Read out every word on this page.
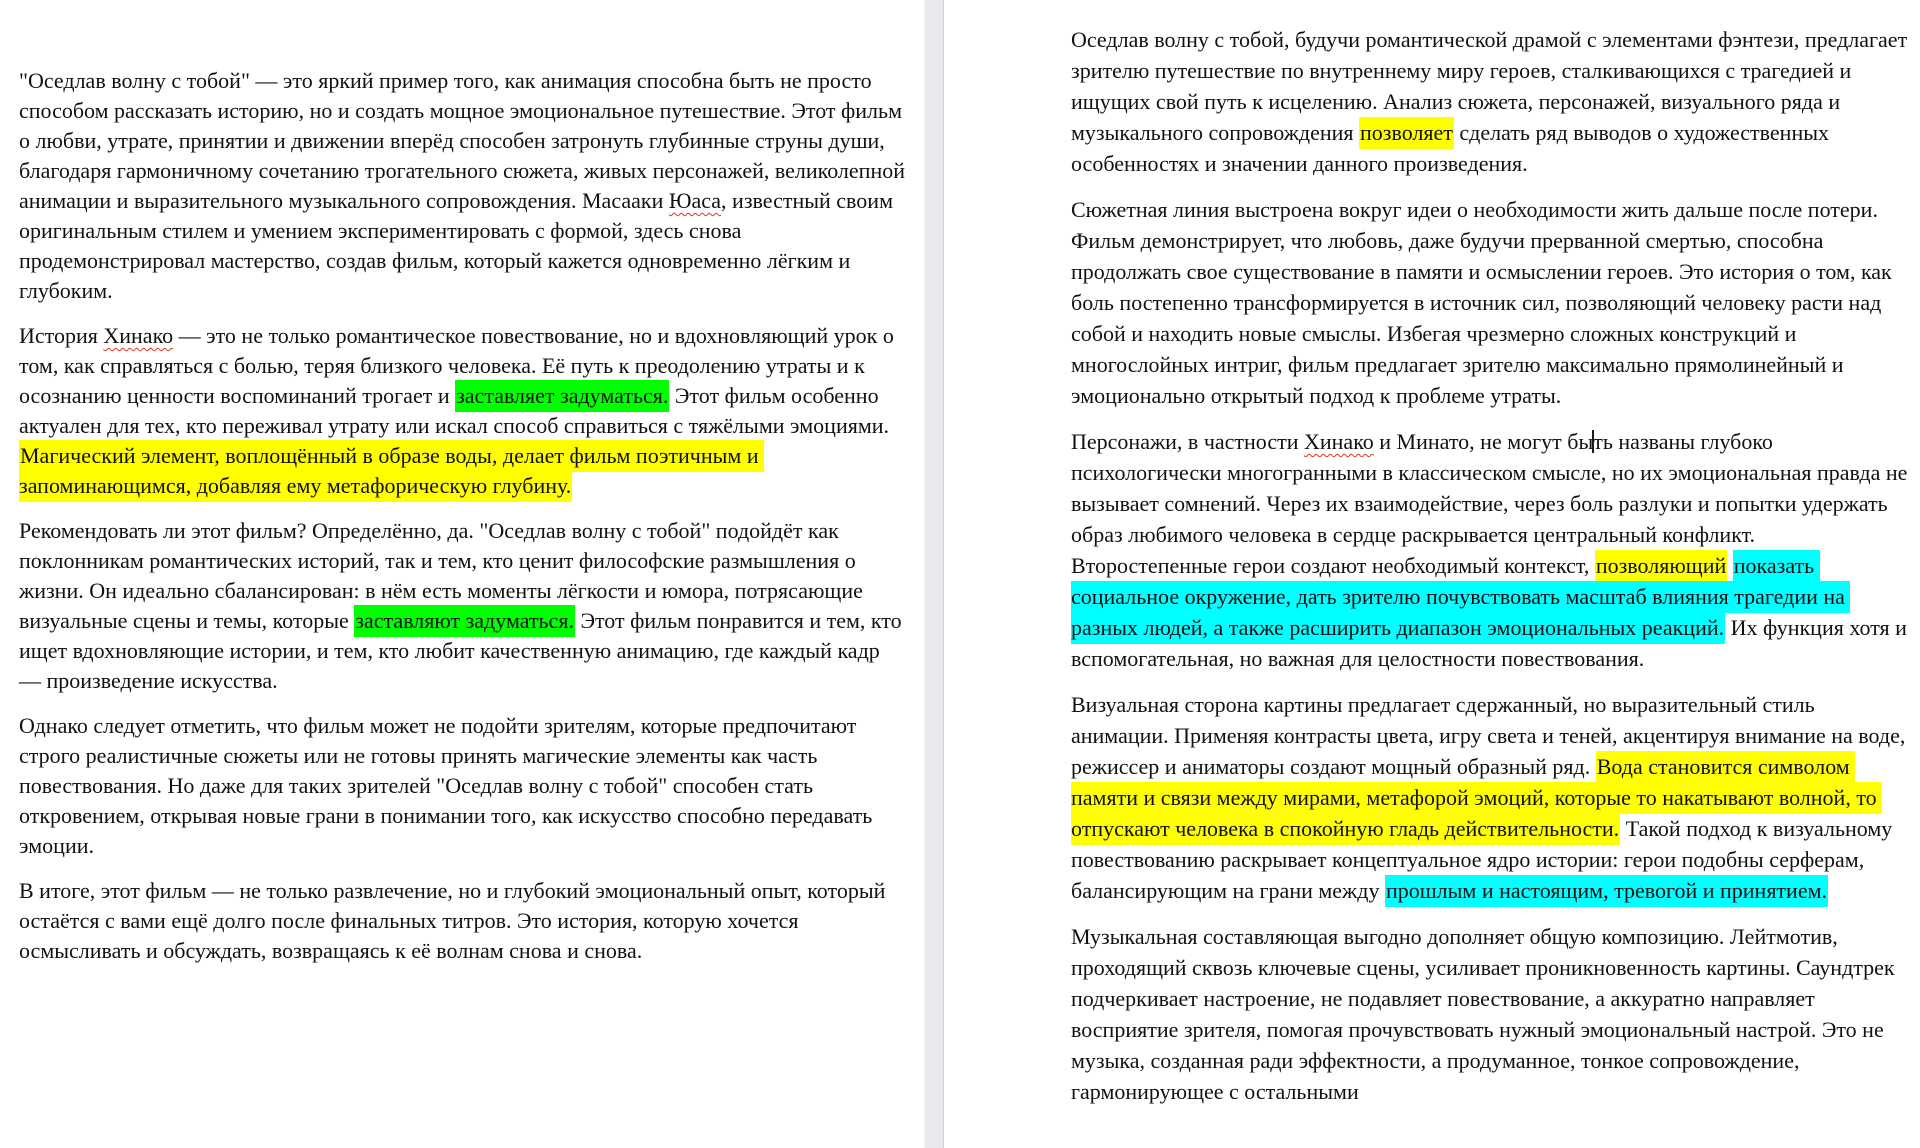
"Оседлав волну с тобой" — это яркий пример того, как анимация способна быть не просто способом рассказать историю, но и создать мощное эмоциональное путешествие. Этот фильм о любви, утрате, принятии и движении вперёд способен затронуть глубинные струны души, благодаря гармоничному сочетанию трогательного сюжета, живых персонажей, великолепной анимации и выразительного музыкального сопровождения. Масааки Юаса, известный своим оригинальным стилем и умением экспериментировать с формой, здесь снова продемонстрировал мастерство, создав фильм, который кажется одновременно лёгким и глубоким.

История Хинако — это не только романтическое повествование, но и вдохновляющий урок о том, как справляться с болью, теряя близкого человека. Её путь к преодолению утраты и к осознанию ценности воспоминаний трогает и заставляет задуматься. Этот фильм особенно актуален для тех, кто переживал утрату или искал способ справиться с тяжёлыми эмоциями. Магический элемент, воплощённый в образе воды, делает фильм поэтичным и запоминающимся, добавляя ему метафорическую глубину.

Рекомендовать ли этот фильм? Определённо, да. "Оседлав волну с тобой" подойдёт как поклонникам романтических историй, так и тем, кто ценит философские размышления о жизни. Он идеально сбалансирован: в нём есть моменты лёгкости и юмора, потрясающие визуальные сцены и темы, которые заставляют задуматься. Этот фильм понравится и тем, кто ищет вдохновляющие истории, и тем, кто любит качественную анимацию, где каждый кадр — произведение искусства.

Однако следует отметить, что фильм может не подойти зрителям, которые предпочитают строго реалистичные сюжеты или не готовы принять магические элементы как часть повествования. Но даже для таких зрителей "Оседлав волну с тобой" способен стать откровением, открывая новые грани в понимании того, как искусство способно передавать эмоции.

В итоге, этот фильм — не только развлечение, но и глубокий эмоциональный опыт, который остаётся с вами ещё долго после финальных титров. Это история, которую хочется осмысливать и обсуждать, возвращаясь к её волнам снова и снова.

Оседлав волну с тобой, будучи романтической драмой с элементами фэнтези, предлагает зрителю путешествие по внутреннему миру героев, сталкивающихся с трагедией и ищущих свой путь к исцелению. Анализ сюжета, персонажей, визуального ряда и музыкального сопровождения позволяет сделать ряд выводов о художественных особенностях и значении данного произведения.

Сюжетная линия выстроена вокруг идеи о необходимости жить дальше после потери. Фильм демонстрирует, что любовь, даже будучи прерванной смертью, способна продолжать свое существование в памяти и осмыслении героев. Это история о том, как боль постепенно трансформируется в источник сил, позволяющий человеку расти над собой и находить новые смыслы. Избегая чрезмерно сложных конструкций и многослойных интриг, фильм предлагает зрителю максимально прямолинейный и эмоционально открытый подход к проблеме утраты.

Персонажи, в частности Хинако и Минато, не могут быть названы глубоко психологически многогранными в классическом смысле, но их эмоциональная правда не вызывает сомнений. Через их взаимодействие, через боль разлуки и попытки удержать образ любимого человека в сердце раскрывается центральный конфликт. Второстепенные герои создают необходимый контекст, позволяющий показать социальное окружение, дать зрителю почувствовать масштаб влияния трагедии на разных людей, а также расширить диапазон эмоциональных реакций. Их функция хотя и вспомогательная, но важная для целостности повествования.

Визуальная сторона картины предлагает сдержанный, но выразительный стиль анимации. Применяя контрасты цвета, игру света и теней, акцентируя внимание на воде, режиссер и аниматоры создают мощный образный ряд. Вода становится символом памяти и связи между мирами, метафорой эмоций, которые то накатывают волной, то отпускают человека в спокойную гладь действительности. Такой подход к визуальному повествованию раскрывает концептуальное ядро истории: герои подобны серферам, балансирующим на грани между прошлым и настоящим, тревогой и принятием.

Музыкальная составляющая выгодно дополняет общую композицию. Лейтмотив, проходящий сквозь ключевые сцены, усиливает проникновенность картины. Саундтрек подчеркивает настроение, не подавляет повествование, а аккуратно направляет восприятие зрителя, помогая прочувствовать нужный эмоциональный настрой. Это не музыка, созданная ради эффектности, а продуманное, тонкое сопровождение, гармонирующее с остальными
